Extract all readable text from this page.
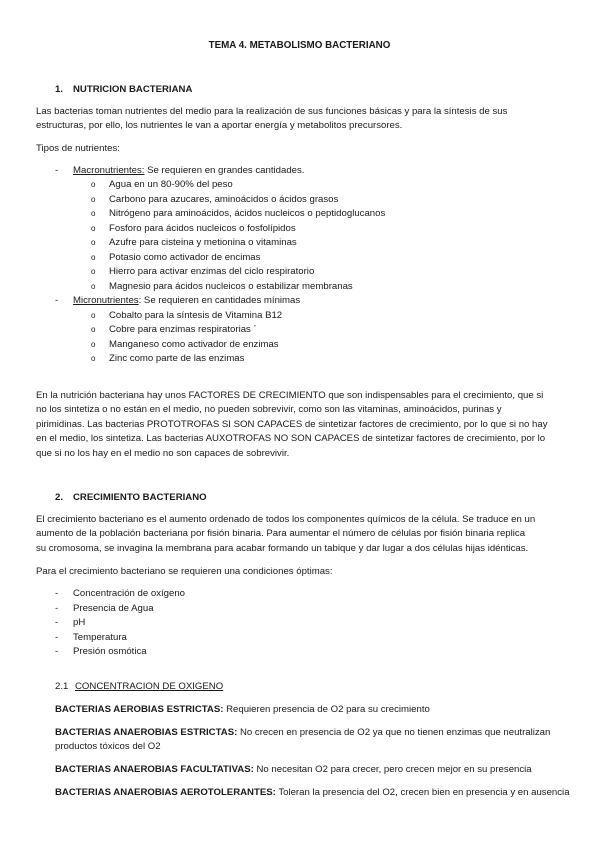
TEMA 4. METABOLISMO BACTERIANO
1. NUTRICION BACTERIANA
Las bacterias toman nutrientes del medio para la realización de sus funciones básicas y para la síntesis de sus
estructuras, por ello, los nutrientes le van a aportar energía y metabolitos precursores.
Tipos de nutrientes:
- Macronutrientes: Se requieren en grandes cantidades.
o Agua en un 80-90% del peso
o Carbono para azucares, aminoácidos o ácidos grasos
o Nitrógeno para aminoácidos, ácidos nucleicos o peptidoglucanos
o Fosforo para ácidos nucleicos o fosfolípidos
o Azufre para cisteina y metionina o vitaminas
o Potasio como activador de encimas
o Hierro para activar enzimas del ciclo respiratorio
o Magnesio para ácidos nucleicos o estabilizar membranas
- Micronutrientes: Se requieren en cantidades mínimas
o Cobalto para la síntesis de Vitamina B12
o Cobre para enzimas respiratorias ´
o Manganeso como activador de enzimas
o Zinc como parte de las enzimas
En la nutrición bacteriana hay unos FACTORES DE CRECIMIENTO que son indispensables para el crecimiento, que si
no los sintetiza o no están en el medio, no pueden sobrevivir, como son las vitaminas, aminoácidos, purinas y
pirimidinas. Las bacterias PROTOTROFAS SI SON CAPACES de sintetizar factores de crecimiento, por lo que si no hay
en el medio, los sintetiza. Las bacterias AUXOTROFAS NO SON CAPACES de sintetizar factores de crecimiento, por lo
que si no los hay en el medio no son capaces de sobrevivir.
2. CRECIMIENTO BACTERIANO
El crecimiento bacteriano es el aumento ordenado de todos los componentes químicos de la célula. Se traduce en un
aumento de la población bacteriana por fisión binaria. Para aumentar el número de células por fisión binaria replica
su cromosoma, se invagina la membrana para acabar formando un tabique y dar lugar a dos células hijas idénticas.
Para el crecimiento bacteriano se requieren una condiciones óptimas:
- Concentración de oxígeno
- Presencia de Agua
- pH
- Temperatura
- Presión osmótica
2.1 CONCENTRACION DE OXIGENO
BACTERIAS AEROBIAS ESTRICTAS: Requieren presencia de O2 para su crecimiento
BACTERIAS ANAEROBIAS ESTRICTAS: No crecen en presencia de O2 ya que no tienen enzimas que neutralizan
productos tóxicos del O2
BACTERIAS ANAEROBIAS FACULTATIVAS: No necesitan O2 para crecer, pero crecen mejor en su presencia
BACTERIAS ANAEROBIAS AEROTOLERANTES: Toleran la presencia del O2, crecen bien en presencia y en ausencia
